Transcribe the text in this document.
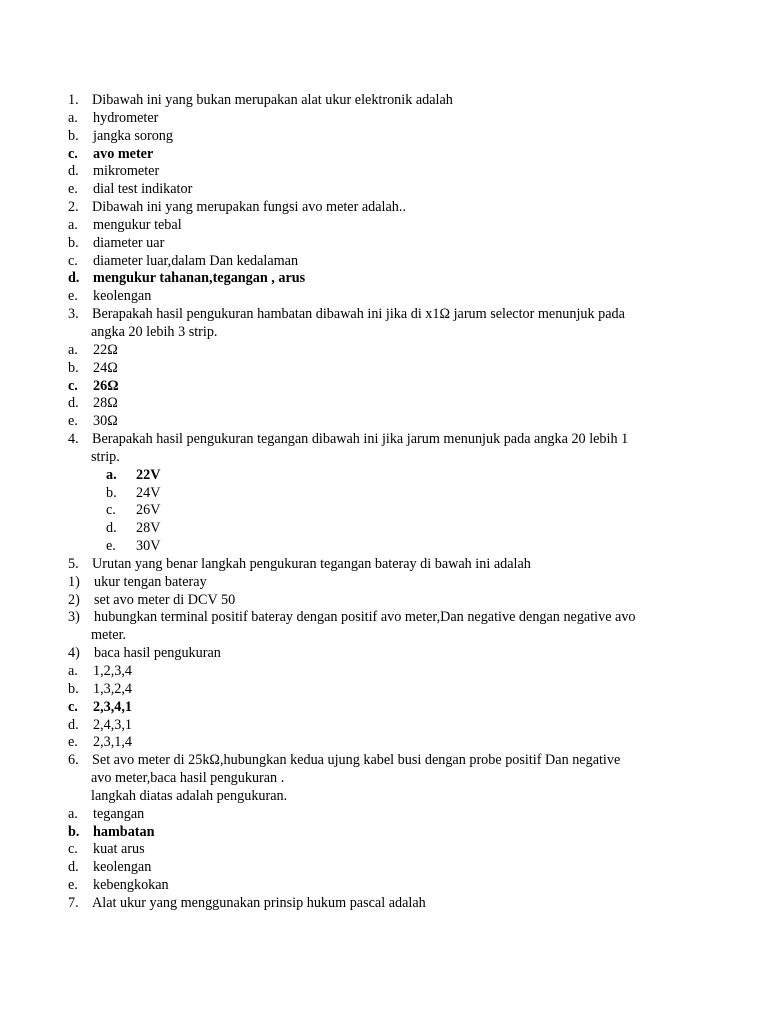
1. Dibawah ini yang bukan merupakan alat ukur elektronik adalah
a.	hydrometer
b.	jangka sorong
c.	avo meter
d.	mikrometer
e.	dial test indikator
2. Dibawah ini yang merupakan fungsi avo meter adalah..
a.	mengukur tebal
b.	diameter uar
c.	diameter luar,dalam Dan kedalaman
d. mengukur tahanan,tegangan , arus
e.	keolengan
3. Berapakah hasil pengukuran hambatan dibawah ini jika di x1Ω jarum selector menunjuk pada
angka 20 lebih 3 strip.
a.	22Ω
b.	24Ω
c.	26Ω
d.	28Ω
e.	30Ω
4. Berapakah hasil pengukuran tegangan dibawah ini jika jarum menunjuk pada angka 20 lebih 1
strip.
a.	22V
b.	24V
c.	26V
d.	28V
e.	30V
5. Urutan yang benar langkah pengukuran tegangan bateray di bawah ini adalah
1) ukur tengan bateray
2) set avo meter di DCV 50
3) hubungkan terminal positif bateray dengan positif avo meter,Dan negative dengan negative avo
meter.
4) baca hasil pengukuran
a.	1,2,3,4
b.	1,3,2,4
c.	2,3,4,1
d.	2,4,3,1
e.	2,3,1,4
6. Set avo meter di 25kΩ,hubungkan kedua ujung kabel busi dengan probe positif Dan negative
avo meter,baca hasil pengukuran .
langkah diatas adalah pengukuran.
a.	tegangan
b. hambatan
c.	kuat arus
d.	keolengan
e.	kebengkokan
7. Alat ukur yang menggunakan prinsip hukum pascal adalah
